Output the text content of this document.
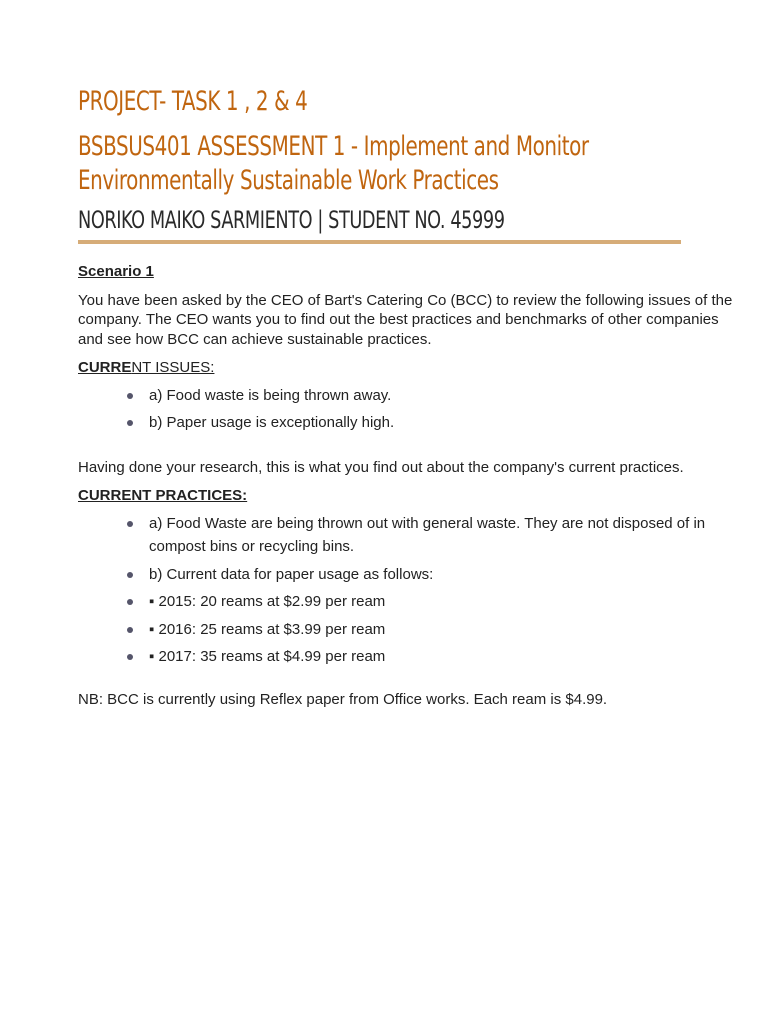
PROJECT- TASK 1 , 2 & 4
BSBSUS401 ASSESSMENT 1 - Implement and Monitor Environmentally Sustainable Work Practices
NORIKO MAIKO SARMIENTO | STUDENT NO. 45999

Scenario 1

You have been asked by the CEO of Bart's Catering Co (BCC) to review the following issues of the company. The CEO wants you to find out the best practices and benchmarks of other companies and see how BCC can achieve sustainable practices.

CURRENT ISSUES:

a) Food waste is being thrown away.
b) Paper usage is exceptionally high.

Having done your research, this is what you find out about the company's current practices.

CURRENT PRACTICES:

a) Food Waste are being thrown out with general waste. They are not disposed of in compost bins or recycling bins.
b) Current data for paper usage as follows:
▪ 2015: 20 reams at $2.99 per ream
▪ 2016: 25 reams at $3.99 per ream
▪ 2017: 35 reams at $4.99 per ream

NB: BCC is currently using Reflex paper from Office works. Each ream is $4.99.
